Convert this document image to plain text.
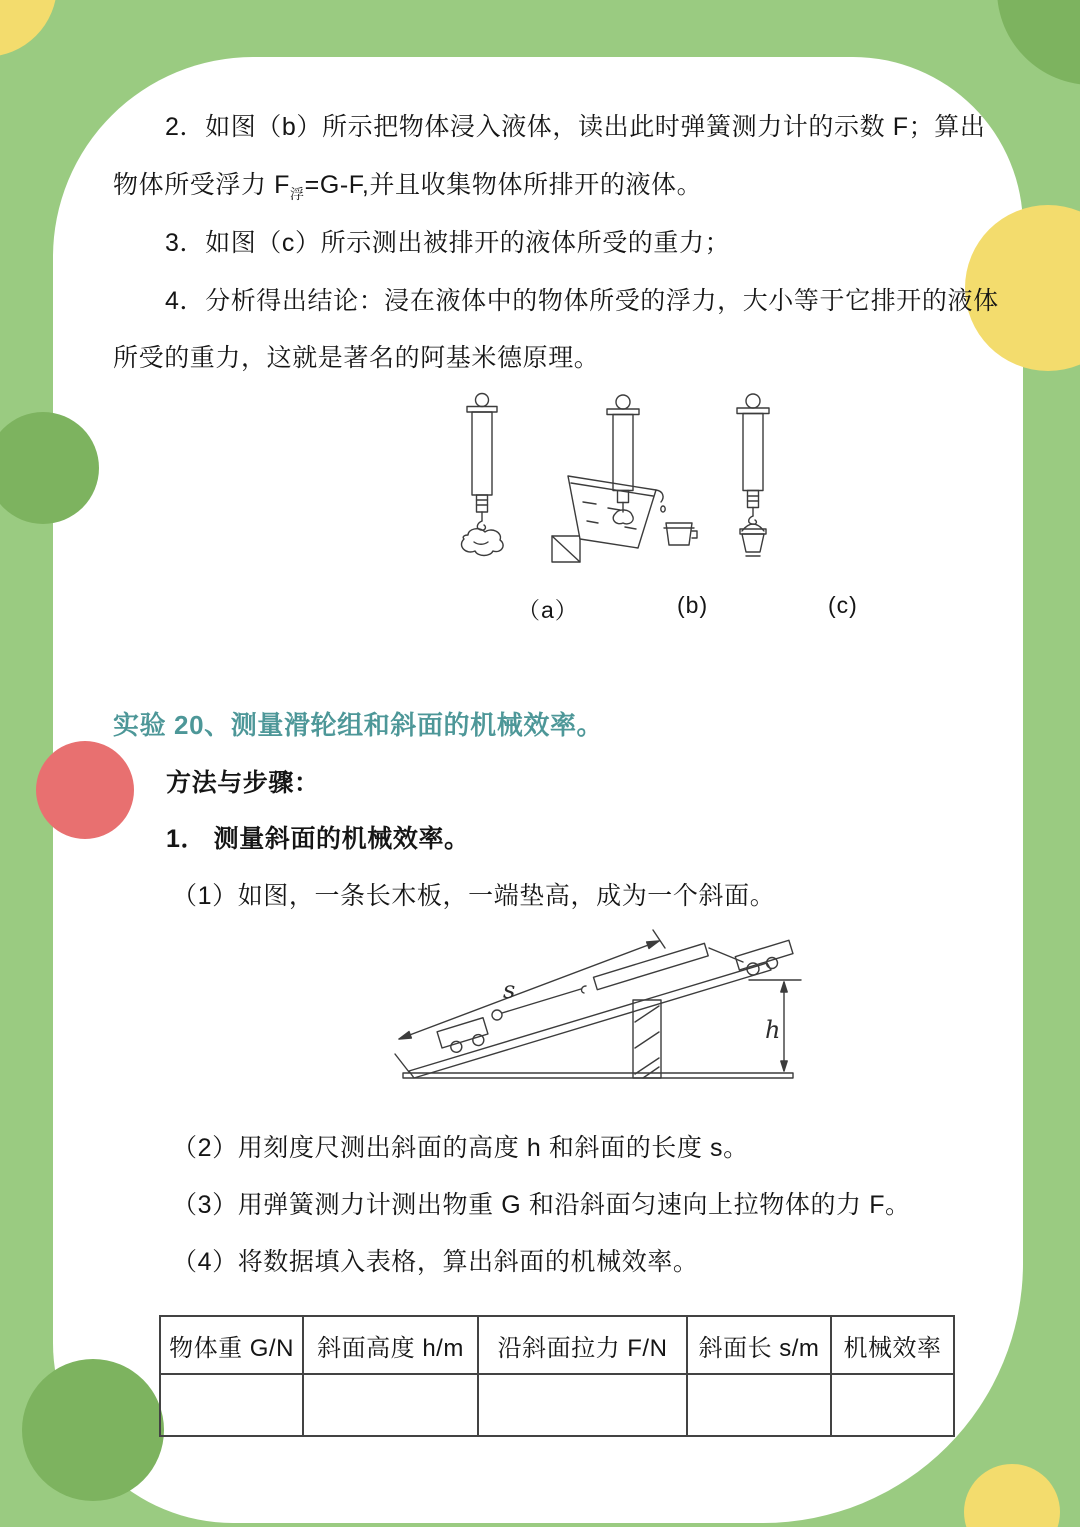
2．如图（b）所示把物体浸入液体，读出此时弹簧测力计的示数 F；算出
物体所受浮力 $F_浮=G-F$,并且收集物体所排开的液体。
3．如图（c）所示测出被排开的液体所受的重力；
4．分析得出结论：浸在液体中的物体所受的浮力，大小等于它排开的液体
所受的重力，这就是著名的阿基米德原理。
（a）	(b)	(c)
实验 20、测量滑轮组和斜面的机械效率。
方法与步骤：
1． 测量斜面的机械效率。
（1）如图，一条长木板，一端垫高，成为一个斜面。
s
h
（2）用刻度尺测出斜面的高度 h 和斜面的长度 s。
（3）用弹簧测力计测出物重 G 和沿斜面匀速向上拉物体的力 F。
（4）将数据填入表格，算出斜面的机械效率。
物体重 G/N	斜面高度 h/m	沿斜面拉力 F/N	斜面长 s/m	机械效率
